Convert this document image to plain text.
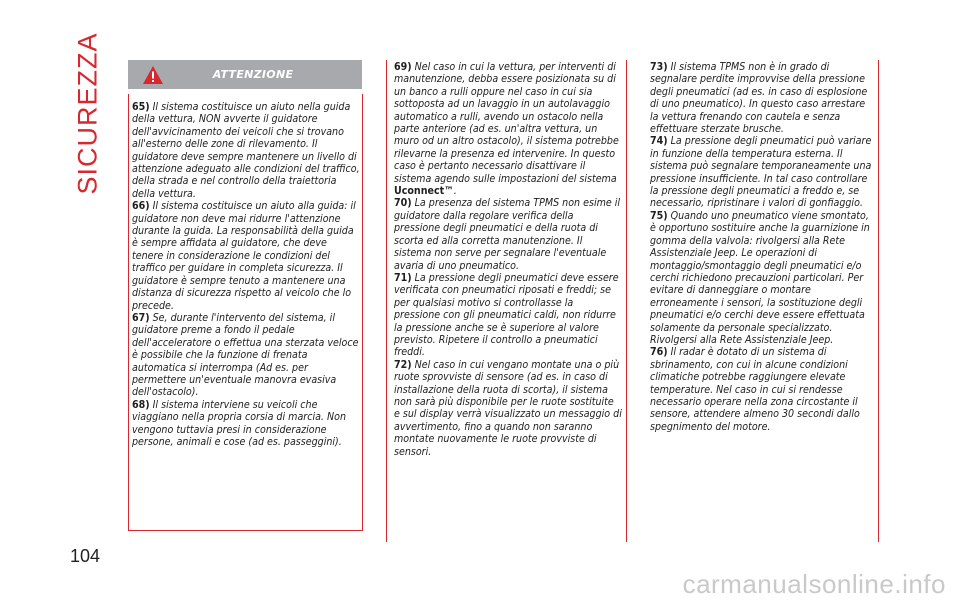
SICUREZZA	ATTENZIONE

65) Il sistema costituisce un aiuto nella guida della vettura, NON avverte il guidatore dell'avvicinamento dei veicoli che si trovano all'esterno delle zone di rilevamento. Il guidatore deve sempre mantenere un livello di attenzione adeguato alle condizioni del traffico, della strada e nel controllo della traiettoria della vettura.

66) Il sistema costituisce un aiuto alla guida: il guidatore non deve mai ridurre l'attenzione durante la guida. La responsabilità della guida è sempre affidata al guidatore, che deve tenere in considerazione le condizioni del traffico per guidare in completa sicurezza. Il guidatore è sempre tenuto a mantenere una distanza di sicurezza rispetto al veicolo che lo precede.

67) Se, durante l'intervento del sistema, il guidatore preme a fondo il pedale dell'acceleratore o effettua una sterzata veloce è possibile che la funzione di frenata automatica si interrompa (Ad es. per permettere un'eventuale manovra evasiva dell'ostacolo).

68) Il sistema interviene su veicoli che viaggiano nella propria corsia di marcia. Non vengono tuttavia presi in considerazione persone, animali e cose (ad es. passeggini).

69) Nel caso in cui la vettura, per interventi di manutenzione, debba essere posizionata su di un banco a rulli oppure nel caso in cui sia sottoposta ad un lavaggio in un autolavaggio automatico a rulli, avendo un ostacolo nella parte anteriore (ad es. un'altra vettura, un muro od un altro ostacolo), il sistema potrebbe rilevarne la presenza ed intervenire. In questo caso è pertanto necessario disattivare il sistema agendo sulle impostazioni del sistema Uconnect™.

70) La presenza del sistema TPMS non esime il guidatore dalla regolare verifica della pressione degli pneumatici e della ruota di scorta ed alla corretta manutenzione. Il sistema non serve per segnalare l'eventuale avaria di uno pneumatico.

71) La pressione degli pneumatici deve essere verificata con pneumatici riposati e freddi; se per qualsiasi motivo si controllasse la pressione con gli pneumatici caldi, non ridurre la pressione anche se è superiore al valore previsto. Ripetere il controllo a pneumatici freddi.

72) Nel caso in cui vengano montate una o più ruote sprovviste di sensore (ad es. in caso di installazione della ruota di scorta), il sistema non sarà più disponibile per le ruote sostituite e sul display verrà visualizzato un messaggio di avvertimento, fino a quando non saranno montate nuovamente le ruote provviste di sensori.

73) Il sistema TPMS non è in grado di segnalare perdite improvvise della pressione degli pneumatici (ad es. in caso di esplosione di uno pneumatico). In questo caso arrestare la vettura frenando con cautela e senza effettuare sterzate brusche.

74) La pressione degli pneumatici può variare in funzione della temperatura esterna. Il sistema può segnalare temporaneamente una pressione insufficiente. In tal caso controllare la pressione degli pneumatici a freddo e, se necessario, ripristinare i valori di gonfiaggio.

75) Quando uno pneumatico viene smontato, è opportuno sostituire anche la guarnizione in gomma della valvola: rivolgersi alla Rete Assistenziale Jeep. Le operazioni di montaggio/smontaggio degli pneumatici e/o cerchi richiedono precauzioni particolari. Per evitare di danneggiare o montare erroneamente i sensori, la sostituzione degli pneumatici e/o cerchi deve essere effettuata solamente da personale specializzato. Rivolgersi alla Rete Assistenziale Jeep.

76) Il radar è dotato di un sistema di sbrinamento, con cui in alcune condizioni climatiche potrebbe raggiungere elevate temperature. Nel caso in cui si rendesse necessario operare nella zona circostante il sensore, attendere almeno 30 secondi dallo spegnimento del motore.

104
carmanualsonline.info
